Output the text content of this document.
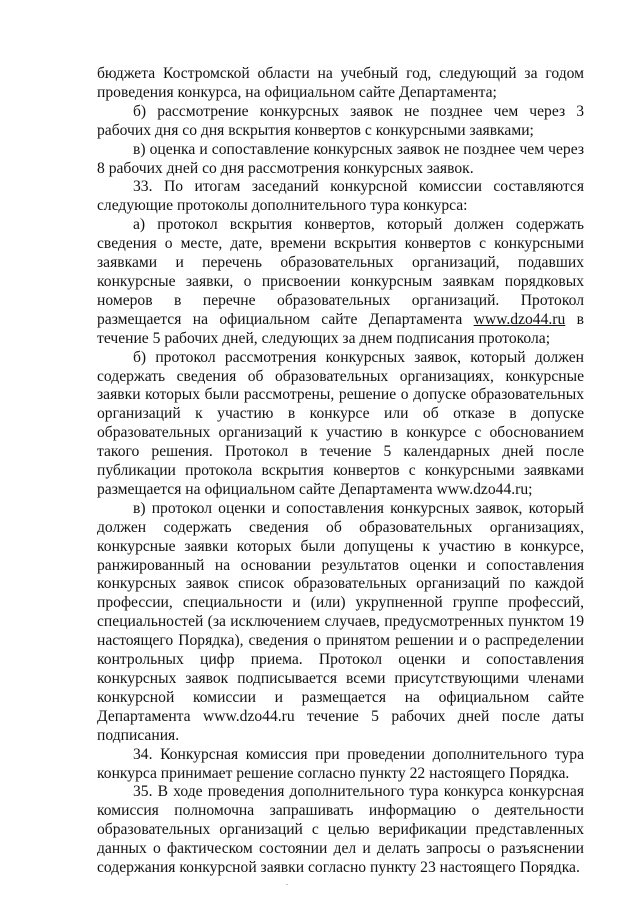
бюджета Костромской области на учебный год, следующий за годом проведения конкурса, на официальном сайте Департамента;

б) рассмотрение конкурсных заявок не позднее чем через 3 рабочих дня со дня вскрытия конвертов с конкурсными заявками;

в) оценка и сопоставление конкурсных заявок не позднее чем через 8 рабочих дней со дня рассмотрения конкурсных заявок.

33. По итогам заседаний конкурсной комиссии составляются следующие протоколы дополнительного тура конкурса:

а) протокол вскрытия конвертов, который должен содержать сведения о месте, дате, времени вскрытия конвертов с конкурсными заявками и перечень образовательных организаций, подавших конкурсные заявки, о присвоении конкурсным заявкам порядковых номеров в перечне образовательных организаций. Протокол размещается на официальном сайте Департамента www.dzo44.ru в течение 5 рабочих дней, следующих за днем подписания протокола;

б) протокол рассмотрения конкурсных заявок, который должен содержать сведения об образовательных организациях, конкурсные заявки которых были рассмотрены, решение о допуске образовательных организаций к участию в конкурсе или об отказе в допуске образовательных организаций к участию в конкурсе с обоснованием такого решения. Протокол в течение 5 календарных дней после публикации протокола вскрытия конвертов с конкурсными заявками размещается на официальном сайте Департамента www.dzo44.ru;

в) протокол оценки и сопоставления конкурсных заявок, который должен содержать сведения об образовательных организациях, конкурсные заявки которых были допущены к участию в конкурсе, ранжированный на основании результатов оценки и сопоставления конкурсных заявок список образовательных организаций по каждой профессии, специальности и (или) укрупненной группе профессий, специальностей (за исключением случаев, предусмотренных пунктом 19 настоящего Порядка), сведения о принятом решении и о распределении контрольных цифр приема. Протокол оценки и сопоставления конкурсных заявок подписывается всеми присутствующими членами конкурсной комиссии и размещается на официальном сайте Департамента www.dzo44.ru течение 5 рабочих дней после даты подписания.

34. Конкурсная комиссия при проведении дополнительного тура конкурса принимает решение согласно пункту 22 настоящего Порядка.

35. В ходе проведения дополнительного тура конкурса конкурсная комиссия полномочна запрашивать информацию о деятельности образовательных организаций с целью верификации представленных данных о фактическом состоянии дел и делать запросы о разъяснении содержания конкурсной заявки согласно пункту 23 настоящего Порядка.
